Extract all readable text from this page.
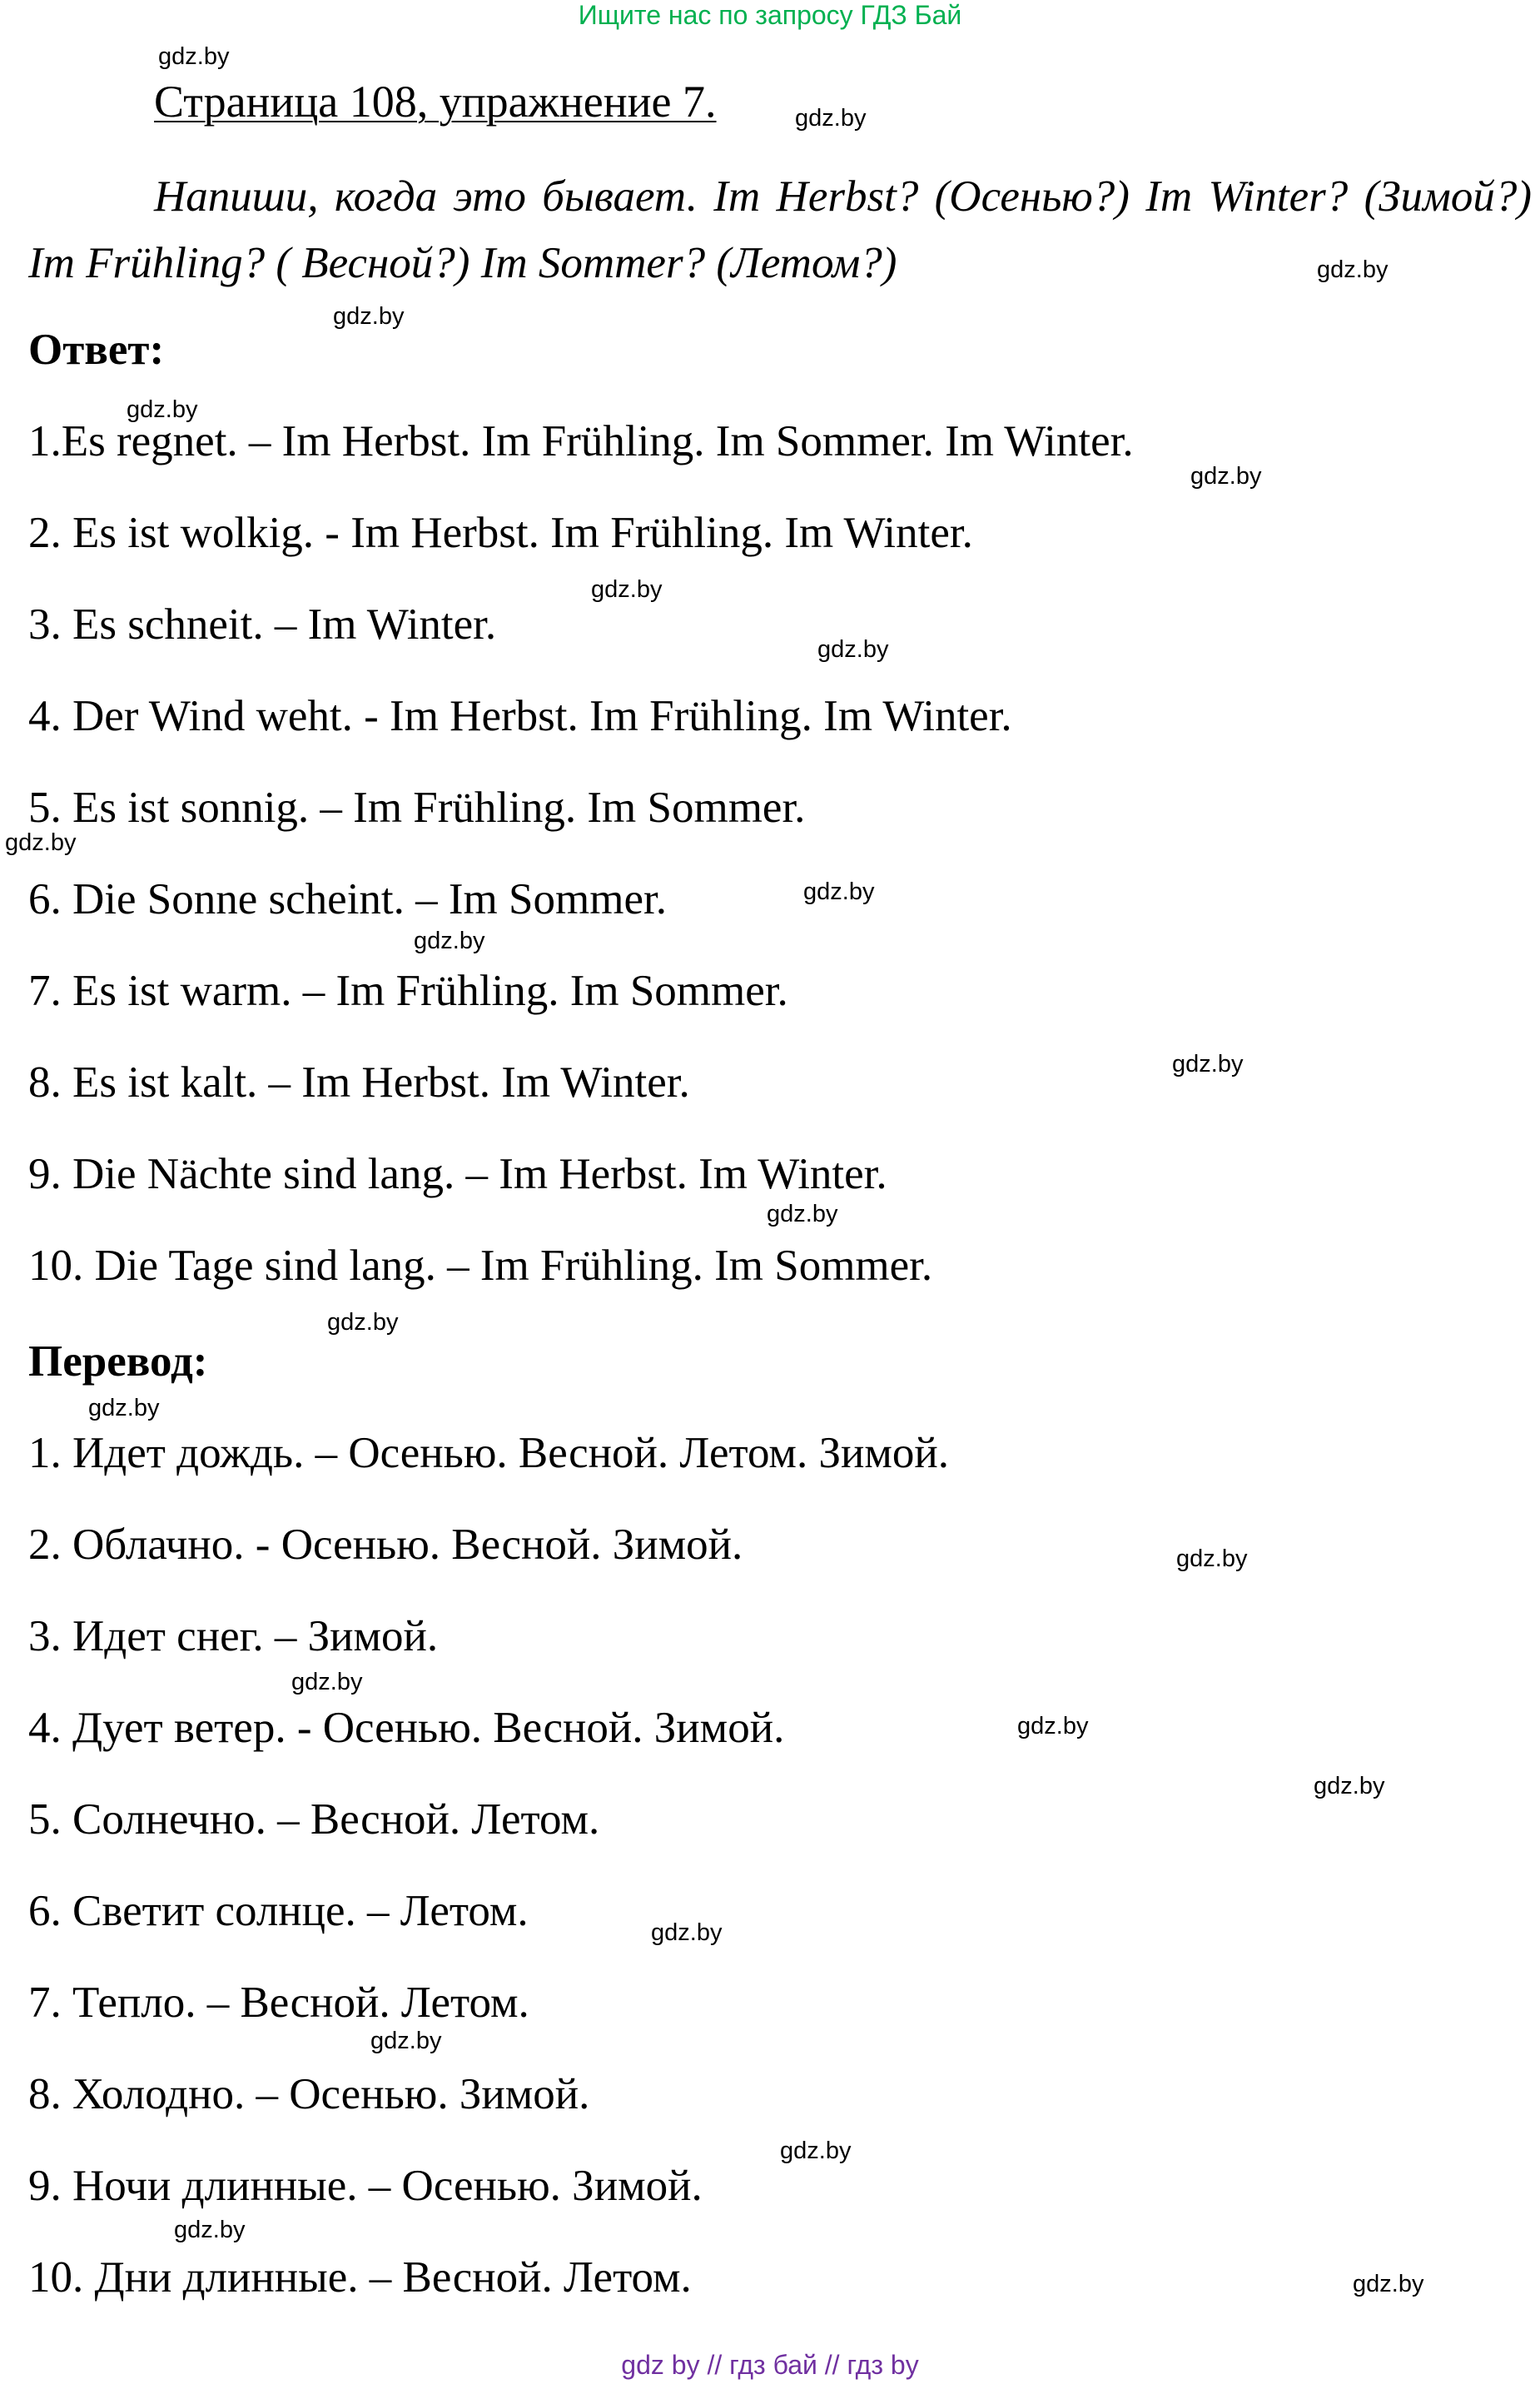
Ищите нас по запросу ГДЗ Бай
Страница 108, упражнение 7.

Напиши, когда это бывает. Im Herbst? (Осенью?) Im Winter? (Зимой?) Im Frühling? ( Весной?) Im Sommer? (Летом?)

Ответ:
1.Es regnet. – Im Herbst. Im Frühling. Im Sommer. Im Winter.
2. Es ist wolkig. - Im Herbst. Im Frühling. Im Winter.
3. Es schneit. – Im Winter.
4. Der Wind weht. - Im Herbst. Im Frühling. Im Winter.
5. Es ist sonnig. – Im Frühling. Im Sommer.
6. Die Sonne scheint. – Im Sommer.
7. Es ist warm. – Im Frühling. Im Sommer.
8. Es ist kalt. – Im Herbst. Im Winter.
9. Die Nächte sind lang. – Im Herbst. Im Winter.
10. Die Tage sind lang. – Im Frühling. Im Sommer.
Перевод:
1. Идет дождь. – Осенью. Весной. Летом. Зимой.
2. Облачно. - Осенью. Весной. Зимой.
3. Идет снег. – Зимой.
4. Дует ветер. - Осенью. Весной. Зимой.
5. Солнечно. – Весной. Летом.
6. Светит солнце. – Летом.
7. Тепло. – Весной. Летом.
8. Холодно. – Осенью. Зимой.
9. Ночи длинные. – Осенью. Зимой.
10. Дни длинные. – Весной. Летом.
gdz.by
gdz.by
gdz.by
gdz.by
gdz.by
gdz.by
gdz.by
gdz.by
gdz.by
gdz.by
gdz.by
gdz.by
gdz.by
gdz.by
gdz.by
gdz.by
gdz.by
gdz.by
gdz.by
gdz.by
gdz.by
gdz.by
gdz.by
gdz.by
gdz by // гдз бай // гдз by
